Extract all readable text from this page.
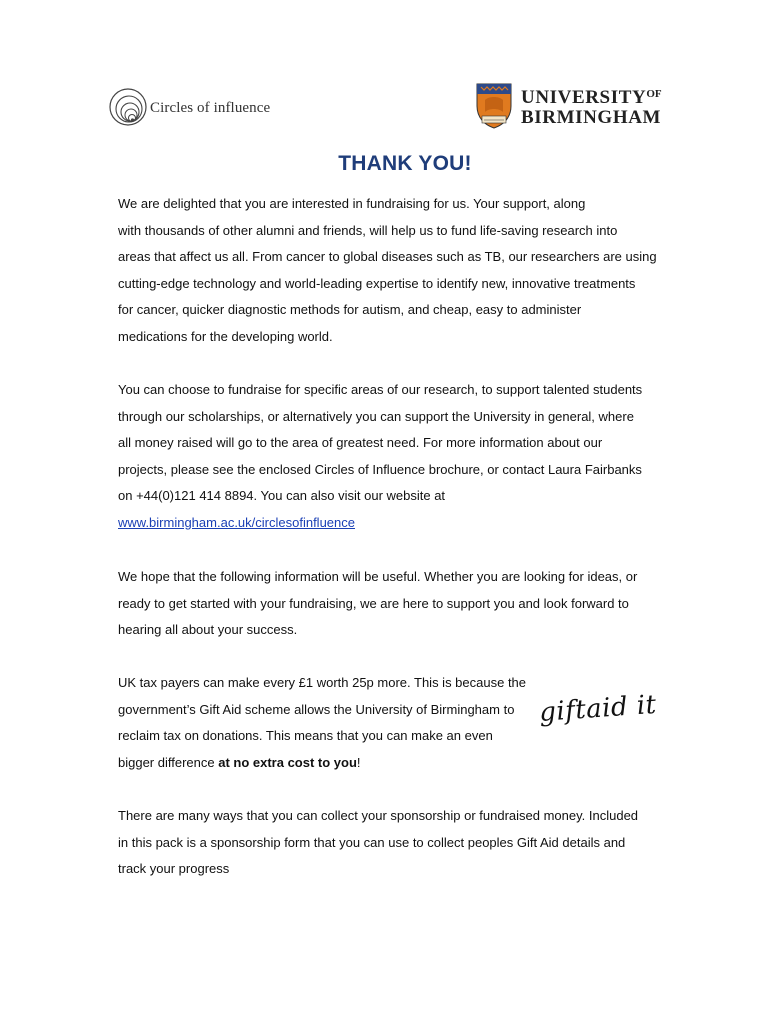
Circles of influence	$UNIVERSITY^{OF}$
BIRMINGHAM
THANK YOU!
We are delighted that you are interested in fundraising for us. Your support, along
with thousands of other alumni and friends, will help us to fund life-saving research into
areas that affect us all. From cancer to global diseases such as TB, our researchers are using
cutting-edge technology and world-leading expertise to identify new, innovative treatments
for cancer, quicker diagnostic methods for autism, and cheap, easy to administer
medications for the developing world.
You can choose to fundraise for specific areas of our research, to support talented students
through our scholarships, or alternatively you can support the University in general, where
all money raised will go to the area of greatest need. For more information about our
projects, please see the enclosed Circles of Influence brochure, or contact Laura Fairbanks
on +44(0)121 414 8894. You can also visit our website at
www.birmingham.ac.uk/circlesofinfluence
We hope that the following information will be useful. Whether you are looking for ideas, or
ready to get started with your fundraising, we are here to support you and look forward to
hearing all about your success.
UK tax payers can make every £1 worth 25p more. This is because the
government’s Gift Aid scheme allows the University of Birmingham to
reclaim tax on donations. This means that you can make an even
bigger difference at no extra cost to you!
giftaid it
There are many ways that you can collect your sponsorship or fundraised money. Included
in this pack is a sponsorship form that you can use to collect peoples Gift Aid details and
track your progress
